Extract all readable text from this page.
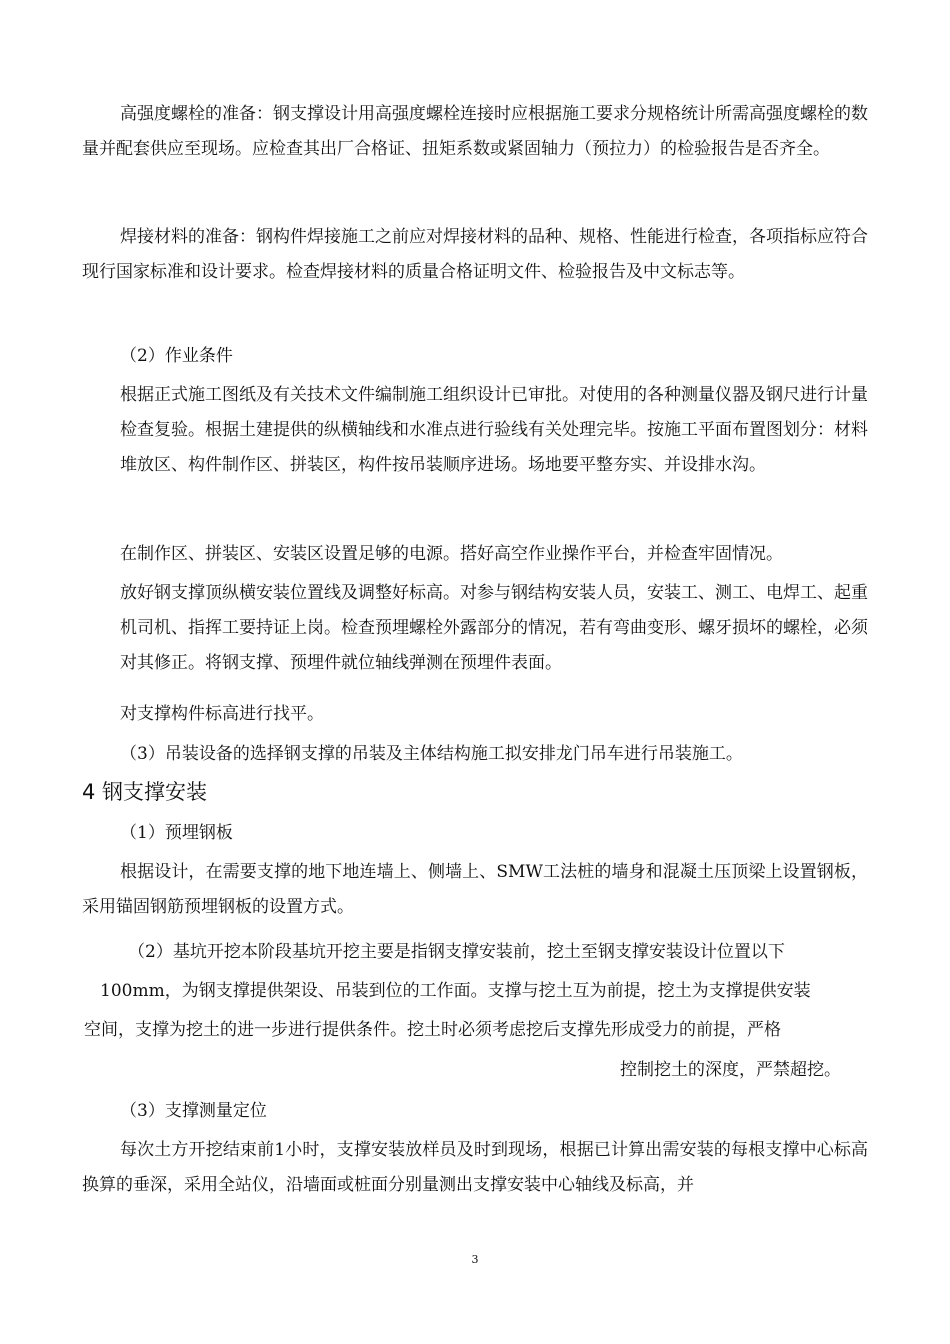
高强度螺栓的准备：钢支撑设计用高强度螺栓连接时应根据施工要求分规格统计所需高强度螺栓的数量并配套供应至现场。应检查其出厂合格证、扭矩系数或紧固轴力（预拉力）的检验报告是否齐全。

焊接材料的准备：钢构件焊接施工之前应对焊接材料的品种、规格、性能进行检查，各项指标应符合现行国家标准和设计要求。检查焊接材料的质量合格证明文件、检验报告及中文标志等。

（2）作业条件

根据正式施工图纸及有关技术文件编制施工组织设计已审批。对使用的各种测量仪器及钢尺进行计量检查复验。根据土建提供的纵横轴线和水准点进行验线有关处理完毕。按施工平面布置图划分：材料堆放区、构件制作区、拼装区，构件按吊装顺序进场。场地要平整夯实、并设排水沟。

在制作区、拼装区、安装区设置足够的电源。搭好高空作业操作平台，并检查牢固情况。

放好钢支撑顶纵横安装位置线及调整好标高。对参与钢结构安装人员，安装工、测工、电焊工、起重机司机、指挥工要持证上岗。检查预埋螺栓外露部分的情况，若有弯曲变形、螺牙损坏的螺栓，必须对其修正。将钢支撑、预埋件就位轴线弹测在预埋件表面。

对支撑构件标高进行找平。

（3）吊装设备的选择钢支撑的吊装及主体结构施工拟安排龙门吊车进行吊装施工。

4 钢支撑安装

（1）预埋钢板

根据设计，在需要支撑的地下地连墙上、侧墙上、SMW工法桩的墙身和混凝土压顶梁上设置钢板，采用锚固钢筋预埋钢板的设置方式。

（2）基坑开挖本阶段基坑开挖主要是指钢支撑安装前，挖土至钢支撑安装设计位置以下

100mm，为钢支撑提供架设、吊装到位的工作面。支撑与挖土互为前提，挖土为支撑提供安装

空间，支撑为挖土的进一步进行提供条件。挖土时必须考虑挖后支撑先形成受力的前提，严格

控制挖土的深度，严禁超挖。

（3）支撑测量定位

每次土方开挖结束前1小时，支撑安装放样员及时到现场，根据已计算出需安装的每根支撑中心标高换算的垂深，采用全站仪，沿墙面或桩面分别量测出支撑安装中心轴线及标高，并

3
